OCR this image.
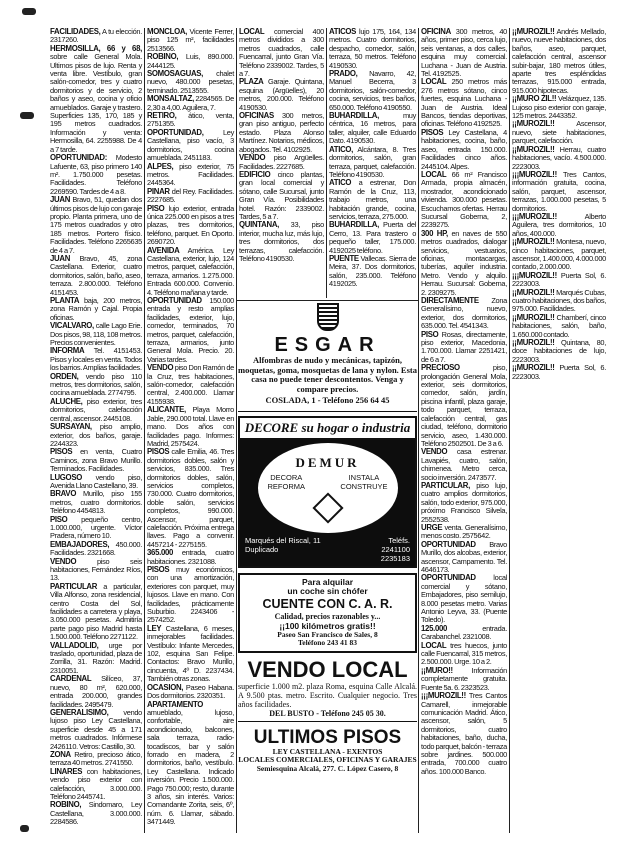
FACILIDADES, A tu elección. 2317260.

HERMOSILLA, 66 y 68, sobre calle General Mola. Ultimos pisos de lujo. Renta y venta libre. Vestíbulo, gran salón-comedor, tres y cuatro dormitorios y de servicio, 2 baños y aseo, cocina y oficio amueblados. Garaje y trastero. Superficies 135, 170, 185 y 195 metros cuadrados. Información y venta: Hermosilla, 64. 2255988. De 4 a 7 tarde.

OPORTUNIDAD: Modesto Lafuente, 63, piso primero 140 m². 1.750.000 pesetas. Facilidades. Teléfono 2269590. Tardes de 4 a 8.

JUAN Bravo, 51, quedan dos últimos pisos de lujo con garaje propio. Planta primera, uno de 175 metros cuadrados y otro 185 metros. Portero físico. Facilidades. Teléfono 2265635 de 4 a 7.

JUAN Bravo, 45, zona Castellana. Exterior, cuatro dormitorios, salón, baño, aseo, terraza. 2.800.000. Teléfono 4151453.

PLANTA baja, 200 metros, zona Ramón y Cajal. Propia oficinas.

VICALVARO, calle Lago Erie. Dos pisos, 98, 118, 108 metros. Precios convenientes.

INFORMA Tel. 4151453. Pisos y locales en venta. Todos los barrios. Amplias facilidades.

ORDEN, vendo piso 110 metros, tres dormitorios, salón, cocina amueblada. 2774795.

ALUCHE, piso exterior, tres dormitorios, calefacción central, ascensor. 2445108.

SURSAYAN, piso amplio, exterior, dos baños, garaje. 2244323.

PISOS en venta, Cuatro Caminos, zona Bravo Murillo. Terminados. Facilidades.

LUGOSO vendo piso, Avenida Llano Castellano, 39.

BRAVO Murillo, piso 155 metros, cuatro dormitorios. Teléfono 4454813.

PISO pequeño centro, 1.000.000, urgente. Víctor Pradera, número 10.

EMBAJADORES, 450.000. Facilidades. 2321668.

VENDO	piso seis habitaciones, Fernández Ríos, 13.

PARTICULAR a particular, Villa Alfonso, zona residencial, centro Costa del Sol, facilidades a carretera y playa, 3.050.000 pesetas. Admitiría parte pago piso Madrid hasta 1.500.000. Teléfono 2271122.

VALLADOLID, urge por traslado, oportunidad, plaza de Zorrilla, 31. Razón: Madrid. 2310051.

CARDENAL Silíceo, 37, nuevo, 80 m², 620.000, entrada 200.000, grandes facilidades. 2495479.

GENERALISIMO, vendo lujoso piso Ley Castellana, superficie desde 45 a 171 metros cuadrados. Infórmese 2426110. Vetros: Castillo, 30.

ZONA Retiro, precioso ático, terraza 40 metros. 2741550.

LINARES con habitaciones, vendo piso exterior con calefacción, 3.000.000. Teléfono 2445741.

ROBINO, Sindomaro, Ley Castellana, 3.000.000. 2284586.

MONCLOA, Vicente Ferrer, piso 125 m², facilidades 2513566.

ROBINO, Luis, 890.000. 2444125.

SOMOSAGUAS, chalet nuevo, 480.000 pesetas, terminado. 2513555.

MONSALTAZ, 2284565. De 2,30 a 4,00. Aguilera, 7.

RETIRO, ático, venta, 2751355.

OPORTUNIDAD,	Ley Castellana, piso vacío, 3 dormitorios, cocina amueblada. 2451183.

ALPES, piso exterior, 75 metros. Facilidades. 2445364.

PINAR del Rey. Facilidades. 2227685.

PISO lujo exterior, entrada única 225.000 en pisos a tres plazas, tres dormitorios, teléfono, parquet. En Oporto. 2690720.

AVENIDA América. Ley Castellana, exterior, lujo, 124 metros, parquet, calefacción, terraza, armarios. 1.275.000. Entrada 600.000. Convenio. 4. Teléfono mañana y tarde.

OPORTUNIDAD 150.000 entrada y resto amplias facilidades, exterior, lujo, comedor, terminados, 70 metros, parquet, calefacción, terraza, armarios, junto General Mola. Precio. 20. Varias tardes.

VENDO piso Don Ramón de la Cruz, tres habitaciones, salón-comedor, calefacción central, 2.400.000. Llamar 4155938.

ALICANTE, Playa Morro Jable, 290.000 total. Llave en mano. Dos años con facilidades pago. Informes: Madrid, 2575424.

PISOS calle Emilia, 46. Tres dormitorios dobles, salón y servicios, 835.000. Tres dormitorios dobles, salón, servicios completos, 730.000. Cuatro dormitorios, doble salón, servicios completos, 990.000. Ascensor, parquet, calefacción. Próxima entrega llaves. Pago a convenir. 4457214 - 2275155.

365.000 entrada, cuatro habitaciones. 2321088.

PISOS muy económicos, con una amortización, exteriores con parquet, muy lujosos. Llave en mano. Con facilidades, prácticamente Suburbio. 2243406 - 2574252.

LEY Castellana, 6 meses, inmejorables facilidades. Vestíbulo: Infante Mercedes, 102, esquina San Felipe. Contactos: Bravo Murillo, cincuenta, 4º D. 2237434. También otras zonas.

OCASION, Paseo Habana. Dos dormitorios. 2320351.

APARTAMENTO amueblado, lujoso, confortable, aire acondicionado, balcones, sala terraza, radio-tocadiscos, bar y salón forrado en madera, 2 dormitorios, baño, vestíbulo. Ley Castellana. Indicado inversión. Precio 1.500.000. Pago 750.000; resto, durante 3 años, sin interés. Varios: Comandante Zorita, seis, 6º, núm. 6. Llamar, sábado. 3471449.

LOCAL comercial 400 metros divididos a 300 metros cuadrados, calle Fuencarral, junto Gran Vía. Teléfono 2339002. Tardes, 5 a 7.

PLAZA Garaje. Quintana, esquina (Argüelles), 20 metros, 200.000. Teléfono 4190530.

OFICINAS 300 metros, gran piso antiguo, perfecto estado. Plaza Alonso Martínez. Notarios, médicos, abogados. Tel. 4102925.

VENDO piso Argüelles. Facilidades. 2227685.

EDIFICIO cinco plantas, gran local comercial y sótano, calle Sucursal, junto Gran Vía. Posibilidades hotel. Razón: 2339002. Tardes, 5 a 7.

QUINTANA, 33, piso interior, mucha luz, más lujo, tres dormitorios, dos terrazas, calefacción. Teléfono 4190530.

ATICOS lujo 175, 164, 134 metros. Cuatro dormitorios, despacho, comedor, salón, terraza, 50 metros. Teléfono 4190530.

PRADO, Navarro, 42, Manuel Becerra, 3 dormitorios, salón-comedor, cocina, servicios, tres baños, 650.000. Teléfono 4190550.

BUHARDILLA,	muy céntrica, 16 metros, para taller, alquiler, calle Eduardo Dato. 4190530.

ATICO, Alcántara, 8. Tres dormitorios, salón, gran terraza, parquet, calefacción. Teléfono 4190530.

ATICO a estrenar, Don Ramón de la Cruz, 113, trabajo metros, una habitación grande, cocina, servicios, terraza, 275.000.

BUHARDILLA, Puerta del Cerro, 13. Para trastero o pequeño taller, 175.000. 4192025 teléfono.

PUENTE Vallecas. Sierra de Meira, 37. Dos dormitorios, salón, 235.000. Teléfono 4192025.

OFICINA 300 metros, 40 años, primer piso, cerca lujo, seis ventanas, a dos calles, esquina muy comercial. Luchana - Juan de Austria. Tel. 4192525.

LOCAL 250 metros más 276 metros sótano, cinco fuertes, esquina Luchana - Juan de Austria. Ideal Bancos, tiendas deportivas, oficinas. Teléfono 4192525.

PISOS Ley Castellana, 4 habitaciones, cocina, baño, aseo, entrada 150.000. Facilidades cinco años. 2445104. Alpes.

LOCAL 66 m² Francisco Armada, propia almacén, mostrador, acondicionado vivienda. 300.000 pesetas. Escuchamos ofertas. Herrau Sucursal Goberna, 2, 2239275.

300 HP, en naves de 550 metros cuadrados, dialogar servicios, vestuarios, oficinas, montacargas, tuberías, aquiler industria. Metro. Vendo y alquilo. Herrau. Sucursal: Goberna, 2. 2309275.

DIRECTAMENTE Zona Generalísimo, nuevo, exterior, dos dormitorios, 635.000. Tel. 4541343.

PISO Rosas, directamente, piso exterior, Macedonia, 1.700.000. Llamar 2251421, de 6 a 7.

PRECIOSO	piso, prolongación General Mola, exterior, seis dormitorios, comedor, salón, jardín, piscina infantil, plaza garaje, todo parquet, terraza, calefacción central, gas ciudad, teléfono, dormitorio servicio, aseo, 1.430.000. Teléfono 2502501. De 3 a 6.

VENDO casa estrenar. Lavapiés, cuatro, salón, chimenea. Metro cerca, socio inversión. 2473577.

PARTICULAR, piso lujo, cuatro amplios dormitorios, salón, todo exterior, 975.000, próximo Francisco Silvela, 2552538.

URGE venta. Generalísimo, menos costo. 2575642.

OPORTUNIDAD Bravo Murillo, dos alcobas, exterior, ascensor, Campamento. Tel. 4646173.

OPORTUNIDAD local comercial y sótano, Embajadores, piso semilujo, 8.000 pesetas metro. Varias Antonio Leyva, 33. (Puente Toledo).

125.000	entrada. Carabanchel. 2321008.

LOCAL tres huecos, junto calle Fuencarral, 315 metros, 2.500.000. Urge. 10 a 2.

¡¡MURO!!	Información completamente gratuita. Fuente 5a. 6. 2323523.

¡¡¡MUROZIL!! Tres Cantos Camarell, inmejorable comunicación Madrid. Ático, ascensor, salón, 5 dormitorios, cuatro habitaciones, baño, ducha, todo parquet, balcón - terraza sobre jardines. 500.000 entrada, 700.000 cuatro años. 100.000 Banco.

¡¡MUROZIL!! Andrés Mellado, nuevo, nueve habitaciones, dos baños, aseo, parquet, calefacción central, ascensor subir-bajar, 180 metros útiles, aparte tres espléndidas terrazas, 915.000 entrada, 915.000 hipotecas.

¡¡MURO ZIL!! Velázquez, 135. Lujoso piso exterior con garaje, 125 metros. 2443352.

¡¡MUROZIL!!	Ascensor, nuevo, siete habitaciones, parquet, calefacción.

¡¡MUROZIL!! Herrau, cuatro habitaciones, vacío. 4.500.000. 2223003.

¡¡¡MUROZIL!! Tres Cantos, información gratuita, cocina, salón, parquet, ascensor, terrazas, 1.000.000 pesetas, 5 dormitorios.

¡¡¡MUROZIL!!	Alberto Aguilera, tres dormitorios, 10 años, 400.000.

¡¡MUROZIL!! Montesa, nuevo, cinco habitaciones, parquet, ascensor, 1.400.000, 4.000.000 contado, 2.000.000.

¡¡¡MUROZIL!! Puerta Sol, 6. 2223003.

¡¡MUROZIL!! Marqués Cubas, cuatro habitaciones, dos baños, 975.000. Facilidades.

¡¡MUROZIL!! Chamberí, cinco habitaciones, salón, baño, 1.650.000 contado.

¡¡MUROZIL!! Quintana, 80, doce habitaciones de lujo, 2223003.

¡¡MUROZIL!! Puerta Sol, 6. 2223003.

ESGAR
Alfombras de nudo y mecánicas, tapizón, moquetas, goma, mosquetas de lana y nylon. Esta casa no puede tener descontentos. Venga y compare precios.
COSLADA, 1 - Teléfono 256 64 45
DECORE su hogar o industria
DEMUR
DECORA
REFORMA
INSTALA
CONSTRUYE
Marqués del Riscal, 11 Duplicado
Teléfs.
2241100
2235183
Para alquilar
un coche sin chófer
CUENTE CON C. A. R.
Calidad, precios razonables y...
¡¡100 kilómetros gratis!!
Paseo San Francisco de Sales, 8
Teléfono 243 41 83
VENDO LOCAL
superficie 1.000 m2. plaza Roma, esquina Calle Alcalá. A 9.500 ptas. metro. Escrito. Cualquier negocio. Tres años facilidades.
DEL BUSTO - Teléfono 245 05 30.
ULTIMOS PISOS
LEY CASTELLANA - EXENTOS
LOCALES COMERCIALES, OFICINAS Y GARAJES
Semiesquina Alcalá, 277. C. López Casero, 8
